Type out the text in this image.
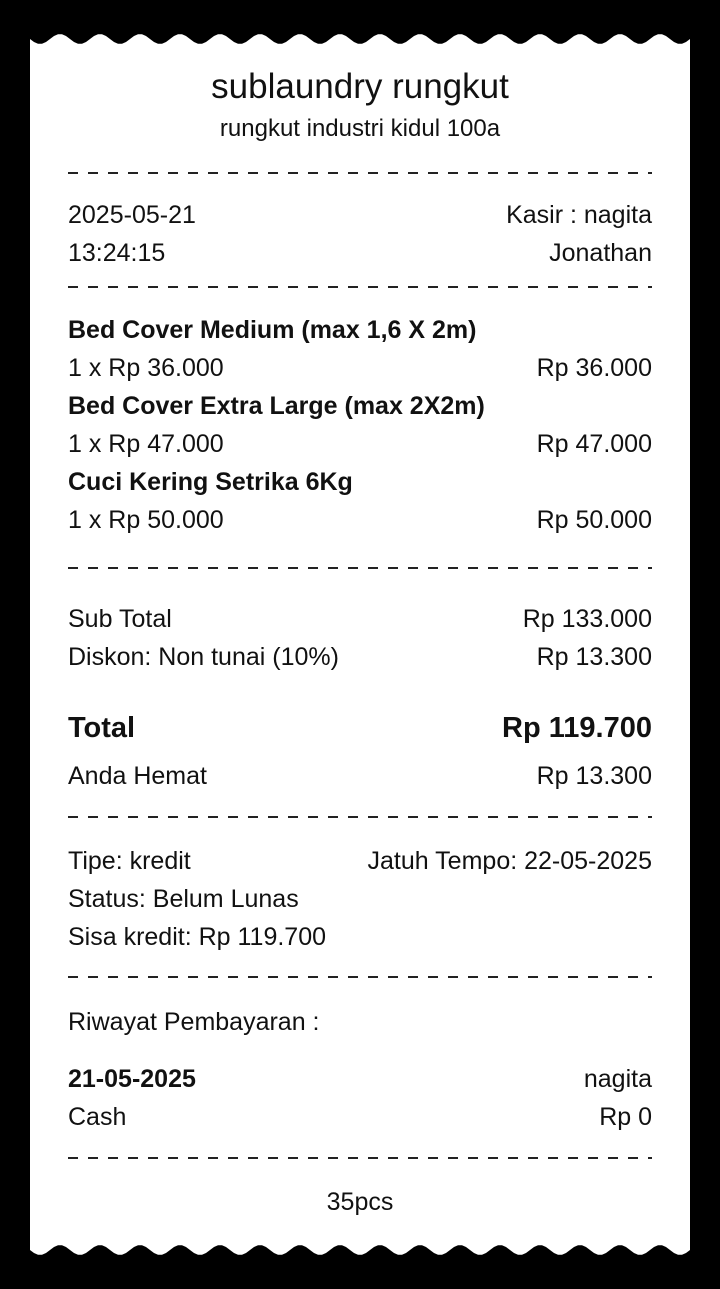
sublaundry rungkut
rungkut industri kidul 100a
2025-05-21	Kasir : nagita
13:24:15	Jonathan
Bed Cover Medium (max 1,6 X 2m)
1 x Rp 36.000	Rp 36.000
Bed Cover Extra Large (max 2X2m)
1 x Rp 47.000	Rp 47.000
Cuci Kering Setrika 6Kg
1 x Rp 50.000	Rp 50.000
Sub Total	Rp 133.000
Diskon: Non tunai (10%)	Rp 13.300
Total	Rp 119.700
Anda Hemat	Rp 13.300
Tipe: kredit	Jatuh Tempo: 22-05-2025
Status: Belum Lunas
Sisa kredit: Rp 119.700
Riwayat Pembayaran :
21-05-2025	nagita
Cash	Rp 0
35pcs
